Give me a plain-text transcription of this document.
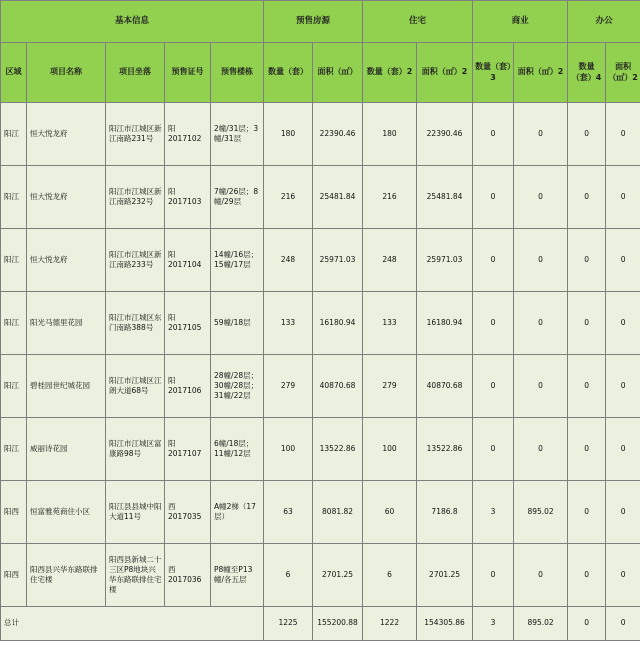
基本信息					预售房源		住宅		商业		办公	
区域	项目名称	项目坐落	预售证号	预售楼栋	数量（套）	面积（㎡）	数量（套）2	面积（㎡）2	数量（套）3	面积（㎡）2	数量（套）4	面积（㎡）2
阳江	恒大悦龙府	阳江市江城区新江南路231号	阳2017102	2幢/31层；3幢/31层	180	22390.46	180	22390.46	0	0	0	0
阳江	恒大悦龙府	阳江市江城区新江南路232号	阳2017103	7幢/26层；8幢/29层	216	25481.84	216	25481.84	0	0	0	0
阳江	恒大悦龙府	阳江市江城区新江南路233号	阳2017104	14幢/16层；15幢/17层	248	25971.03	248	25971.03	0	0	0	0
阳江	阳光马德里花园	阳江市江城区东门南路388号	阳2017105	59幢/18层	133	16180.94	133	16180.94	0	0	0	0
阳江	碧桂园世纪城花园	阳江市江城区江朗大道68号	阳2017106	28幢/28层；30幢/28层；31幢/22层	279	40870.68	279	40870.68	0	0	0	0
阳江	威丽诗花园	阳江市江城区富康路98号	阳2017107	6幢/18层；11幢/12层	100	13522.86	100	13522.86	0	0	0	0
阳西	恒富雅苑商住小区	阳江县县城中阳大道11号	西2017035	A幢2梯（17层）	63	8081.82	60	7186.8	3	895.02	0	0
阳西	阳西县兴华东路联排住宅楼	阳西县新城二十三区P8地块兴华东路联排住宅楼	西2017036	P8幢至P13幢/各五层	6	2701.25	6	2701.25	0	0	0	0
总计					1225	155200.88	1222	154305.86	3	895.02	0	0
